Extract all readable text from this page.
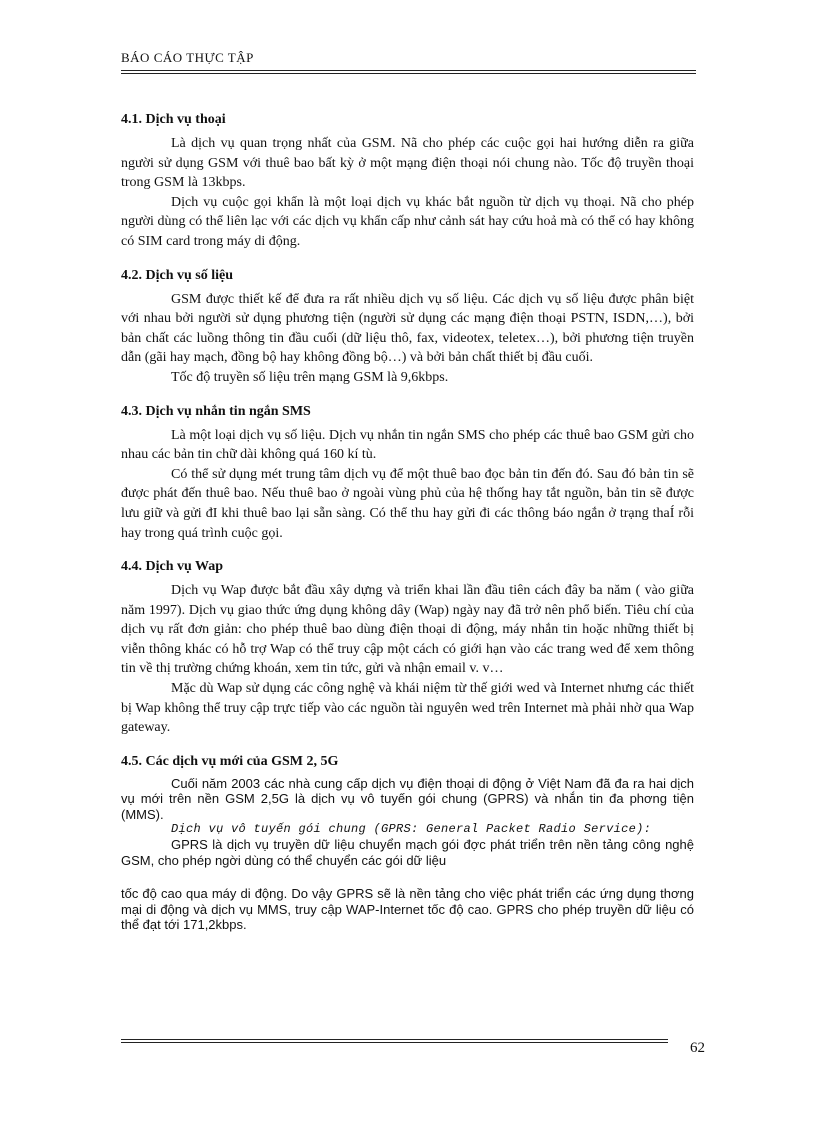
BÁO CÁO THỰC TẬP
4.1. Dịch vụ thoại

Là dịch vụ quan trọng nhất của GSM. Nã cho phép các cuộc gọi hai hướng diễn ra giữa người sử dụng GSM với thuê bao bất kỳ ở một mạng điện thoại nói chung nào. Tốc độ truyền thoại trong GSM là 13kbps.

Dịch vụ cuộc gọi khẩn là một loại dịch vụ khác bắt nguồn từ dịch vụ thoại. Nã cho phép người dùng có thể liên lạc với các dịch vụ khẩn cấp như cảnh sát hay cứu hoả mà có thể có hay không có SIM card trong máy di động.

4.2. Dịch vụ số liệu

GSM được thiết kế để đưa ra rất nhiều dịch vụ số liệu. Các dịch vụ số liệu được phân biệt với nhau bởi người sử dụng phương tiện (người sử dụng các mạng điện thoại PSTN, ISDN,…), bởi bản chất các luồng thông tin đầu cuối (dữ liệu thô, fax, videotex, teletex…), bởi phương tiện truyền dẫn (gãi hay mạch, đồng bộ hay không đồng bộ…) và bởi bản chất thiết bị đầu cuối.

Tốc độ truyền số liệu trên mạng GSM là 9,6kbps.

4.3. Dịch vụ nhắn tin ngắn SMS

Là một loại dịch vụ số liệu. Dịch vụ nhắn tin ngắn SMS cho phép các thuê bao GSM gửi cho nhau các bản tin chữ dài không quá 160 kí tù.

Có thể sử dụng mét trung tâm dịch vụ để một thuê bao đọc bản tin đến đó. Sau đó bản tin sẽ được phát đến thuê bao. Nếu thuê bao ở ngoài vùng phủ của hệ thống hay tắt nguồn, bản tin sẽ được lưu giữ và gửi đI khi thuê bao lại sẵn sàng. Có thể thu hay gửi đi các thông báo ngắn ở trạng thaÍ rỗi hay trong quá trình cuộc gọi.

4.4. Dịch vụ Wap

Dịch vụ Wap được bắt đầu xây dựng và triển khai lần đầu tiên cách đây ba năm ( vào giữa năm 1997). Dịch vụ giao thức ứng dụng không dây (Wap) ngày nay đã trở nên phổ biến. Tiêu chí của dịch vụ rất đơn giản: cho phép thuê bao dùng điện thoại di động, máy nhắn tin hoặc những thiết bị viễn thông khác có hỗ trợ Wap có thể truy cập một cách có giới hạn vào các trang wed để xem thông tin về thị trường chứng khoán, xem tin tức, gửi và nhận email v. v…

Mặc dù Wap sử dụng các công nghệ và khái niệm từ thế giới wed và Internet nhưng các thiết bị Wap không thể truy cập trực tiếp vào các nguồn tài nguyên wed trên Internet mà phải nhờ qua Wap gateway.

4.5. Các dịch vụ mới của GSM 2, 5G

Cuối năm 2003 các nhà cung cấp dịch vụ điện thoại di động ở Việt Nam đã đa ra hai dịch vụ mới trên nền GSM 2,5G là dịch vụ vô tuyến gói chung (GPRS) và nhắn tin đa phơng tiện (MMS).

Dịch vụ vô tuyến gói chung (GPRS: General Packet Radio Service):

GPRS là dịch vụ truyền dữ liệu chuyển mạch gói đợc phát triển trên nền tảng công nghệ GSM, cho phép ngời dùng có thể chuyển các gói dữ liệu

tốc độ cao qua máy di động. Do vậy GPRS sẽ là nền tảng cho việc phát triển các ứng dụng thơng mại di động và dịch vụ MMS, truy cập WAP-Internet tốc độ cao. GPRS cho phép truyền dữ liệu có thể đạt tới 171,2kbps.

62
